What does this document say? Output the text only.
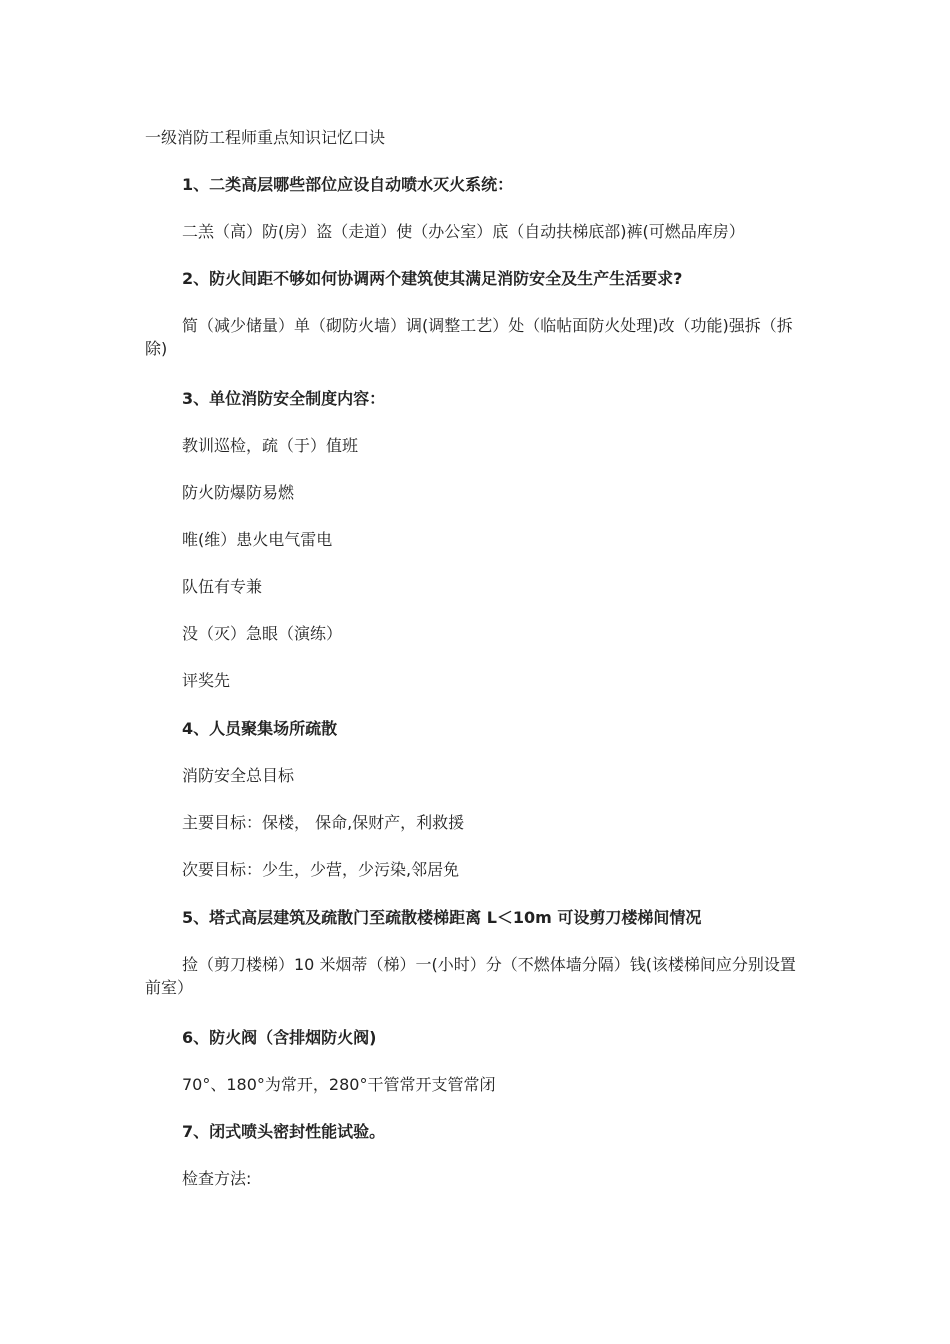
一级消防工程师重点知识记忆口诀

1、二类高层哪些部位应设自动喷水灭火系统：

二羔（高）防(房）盗（走道）使（办公室）底（自动扶梯底部)裤(可燃品库房）

2、防火间距不够如何协调两个建筑使其满足消防安全及生产生活要求?

简（减少储量）单（砌防火墙）调(调整工艺）处（临帖面防火处理)改（功能)强拆（拆除)

3、单位消防安全制度内容：

教训巡检，疏（于）值班

防火防爆防易燃

唯(维）患火电气雷电

队伍有专兼

没（灭）急眼（演练）

评奖先

4、人员聚集场所疏散

消防安全总目标

主要目标：保楼， 保命,保财产，利救援

次要目标：少生，少营，少污染,邻居免

5、塔式高层建筑及疏散门至疏散楼梯距离 L＜10m 可设剪刀楼梯间情况

捡（剪刀楼梯）10 米烟蒂（梯）一(小时）分（不燃体墙分隔）钱(该楼梯间应分别设置前室）

6、防火阀（含排烟防火阀)

70°、180°为常开，280°干管常开支管常闭

7、闭式喷头密封性能试验。

检查方法:
